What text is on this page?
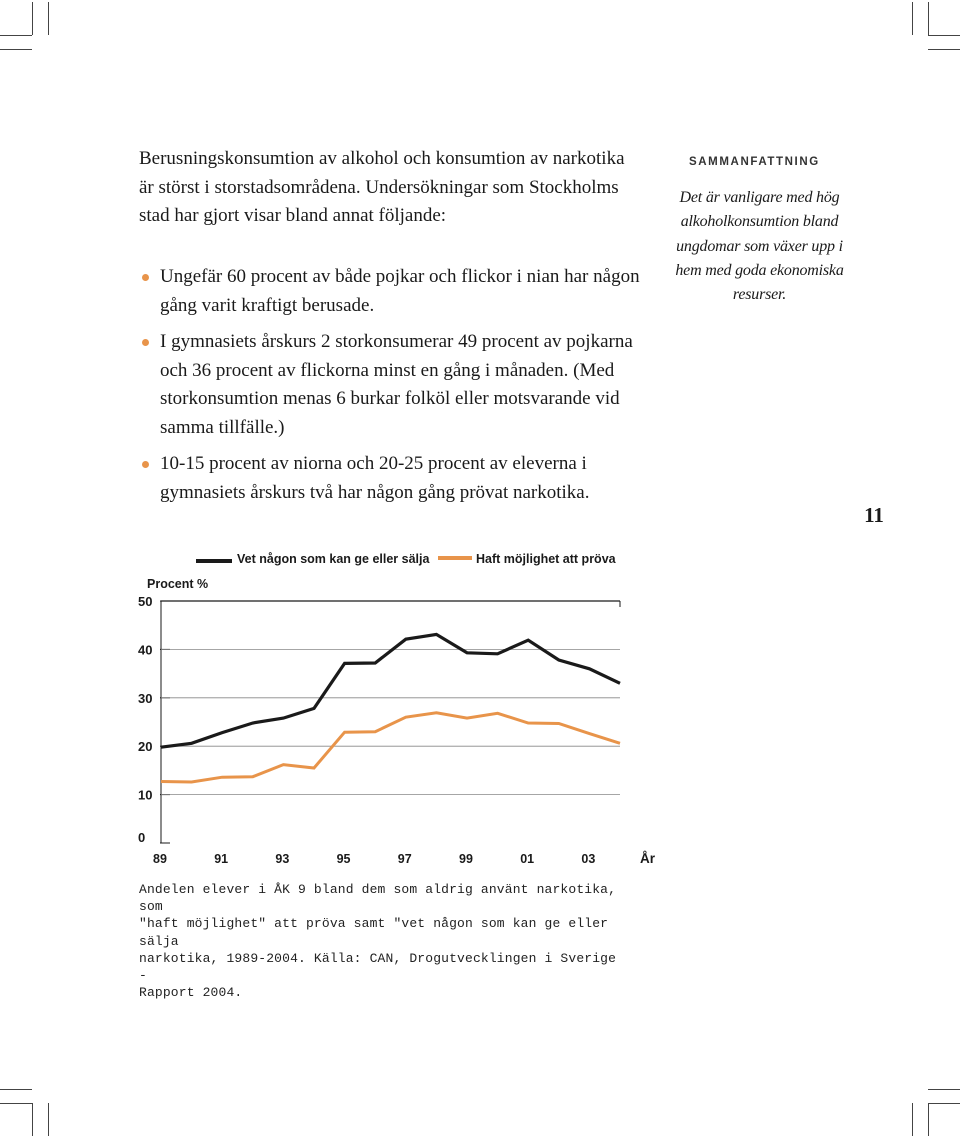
Berusningskonsumtion av alkohol och konsumtion av narkotika är störst i storstadsområdena. Undersökningar som Stockholms stad har gjort visar bland annat följande:

Ungefär 60 procent av både pojkar och flickor i nian har någon gång varit kraftigt berusade.
I gymnasiets årskurs 2 storkonsumerar 49 procent av pojkarna och 36 procent av flickorna minst en gång i månaden. (Med storkonsumtion menas 6 burkar folköl eller motsvarande vid samma tillfälle.)
10-15 procent av niorna och 20-25 procent av eleverna i gymnasiets årskurs två har någon gång prövat narkotika.
SAMMANFATTNING
Det är vanligare med hög alkoholkonsumtion bland ungdomar som växer upp i hem med goda ekonomiska resurser.
11
Vet någon som kan ge eller sälja	Haft möjlighet att pröva
Procent %
År
0
10
20
30
40
50
89	91	93	95	97	99	01	03
Andelen elever i ÅK 9 bland dem som aldrig använt narkotika, som
"haft möjlighet" att pröva samt "vet någon som kan ge eller sälja
narkotika, 1989-2004. Källa: CAN, Drogutvecklingen i Sverige -
Rapport 2004.
